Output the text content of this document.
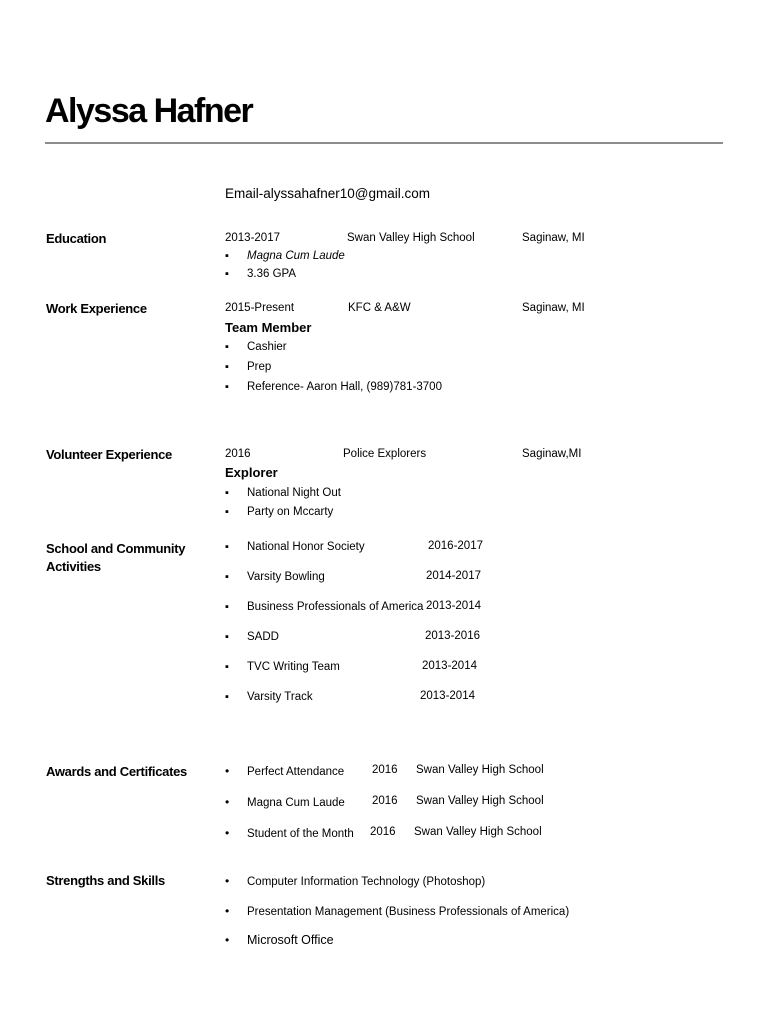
Alyssa Hafner
Email-alyssahafner10@gmail.com
Education	2013-2017	Swan Valley High School	Saginaw, MI
▪Magna Cum Laude
▪3.36 GPA
Work Experience	2015-Present	KFC & A&W	Saginaw, MI
Team Member
▪Cashier
▪Prep
▪Reference- Aaron Hall, (989)781-3700
Volunteer Experience	2016	Police Explorers	Saginaw,MI
Explorer
▪National Night Out
▪Party on Mccarty
School and Community Activities
▪National Honor Society	2016-2017
▪Varsity Bowling	2014-2017
▪Business Professionals of America 2013-2014
▪SADD	2013-2016
▪TVC Writing Team	2013-2014
▪Varsity Track	2013-2014
Awards and Certificates •	Perfect Attendance 2016 Swan Valley High School
•Magna Cum Laude 2016 Swan Valley High School
•Student of the Month 2016 Swan Valley High School
Strengths and Skills •	Computer Information Technology (Photoshop)
•Presentation Management (Business Professionals of America)
•Microsoft Office
